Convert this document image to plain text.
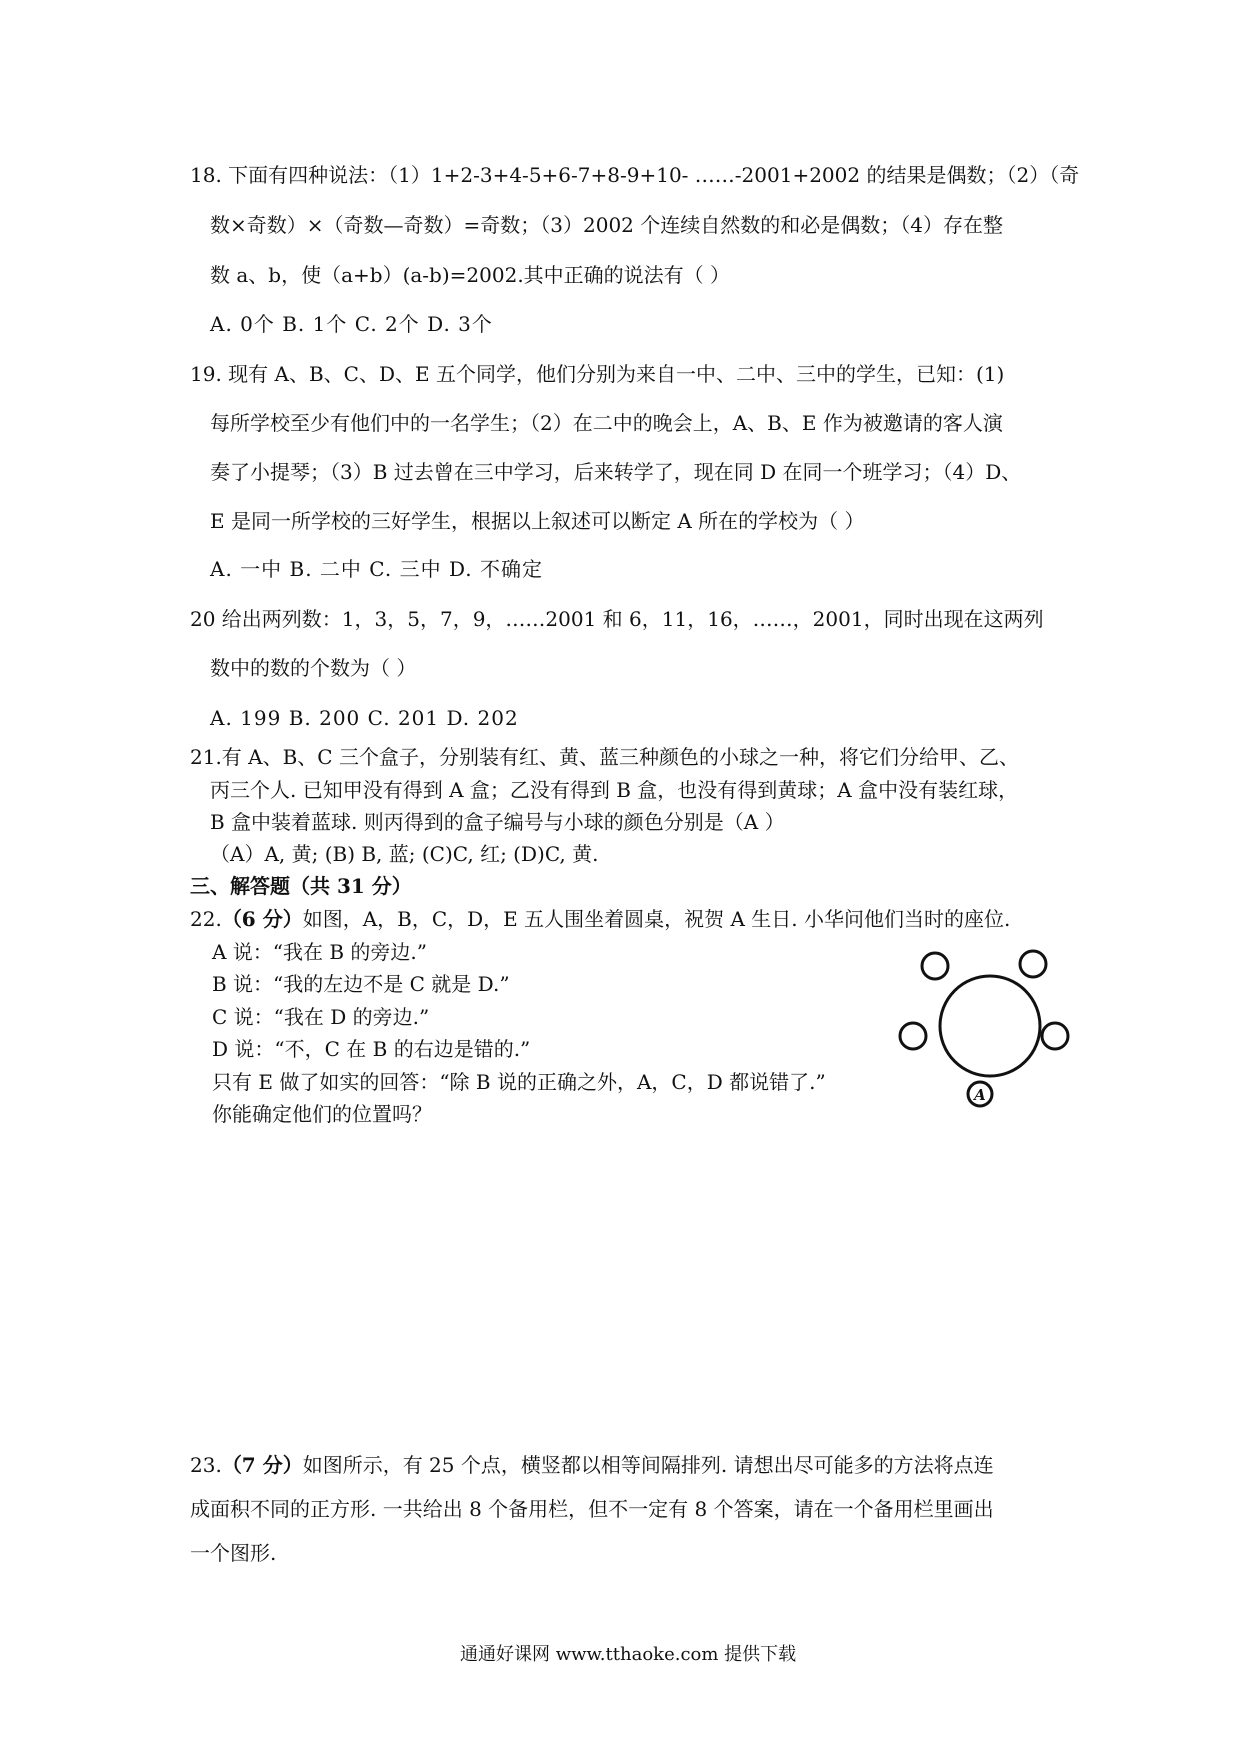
18. 下面有四种说法：（1）1+2-3+4-5+6-7+8-9+10- ……-2001+2002 的结果是偶数；（2）（奇
数×奇数）×（奇数—奇数）=奇数；（3）2002 个连续自然数的和必是偶数；（4）存在整
数 a、b，使（a+b）(a-b)=2002.其中正确的说法有（ ）
A. 0个 B. 1个 C. 2个 D. 3个
19. 现有 A、B、C、D、E 五个同学，他们分别为来自一中、二中、三中的学生，已知：(1)
每所学校至少有他们中的一名学生；（2）在二中的晚会上，A、B、E 作为被邀请的客人演
奏了小提琴；（3）B 过去曾在三中学习，后来转学了，现在同 D 在同一个班学习；（4）D、
E 是同一所学校的三好学生，根据以上叙述可以断定 A 所在的学校为（ ）
A. 一中 B. 二中 C. 三中 D. 不确定
20 给出两列数：1，3，5，7，9，……2001 和 6，11，16，……，2001，同时出现在这两列
数中的数的个数为（ ）
A. 199 B. 200 C. 201 D. 202
21.有 A、B、C 三个盒子，分别装有红、黄、蓝三种颜色的小球之一种，将它们分给甲、乙、
丙三个人. 已知甲没有得到 A 盒；乙没有得到 B 盒，也没有得到黄球；A 盒中没有装红球，
B 盒中装着蓝球. 则丙得到的盒子编号与小球的颜色分别是（A ）
（A）A, 黄; (B) B, 蓝; (C)C, 红; (D)C, 黄.
三、解答题（共 31 分）
22.（6 分）如图，A，B，C，D，E 五人围坐着圆桌，祝贺 A 生日. 小华问他们当时的座位.
A 说：“我在 B 的旁边.”
B 说：“我的左边不是 C 就是 D.”
C 说：“我在 D 的旁边.”
D 说：“不，C 在 B 的右边是错的.”
只有 E 做了如实的回答：“除 B 说的正确之外，A，C，D 都说错了.”
你能确定他们的位置吗？
A
23.（7 分）如图所示，有 25 个点，横竖都以相等间隔排列. 请想出尽可能多的方法将点连
成面积不同的正方形. 一共给出 8 个备用栏，但不一定有 8 个答案，请在一个备用栏里画出
一个图形.
通通好课网 www.tthaoke.com 提供下载
